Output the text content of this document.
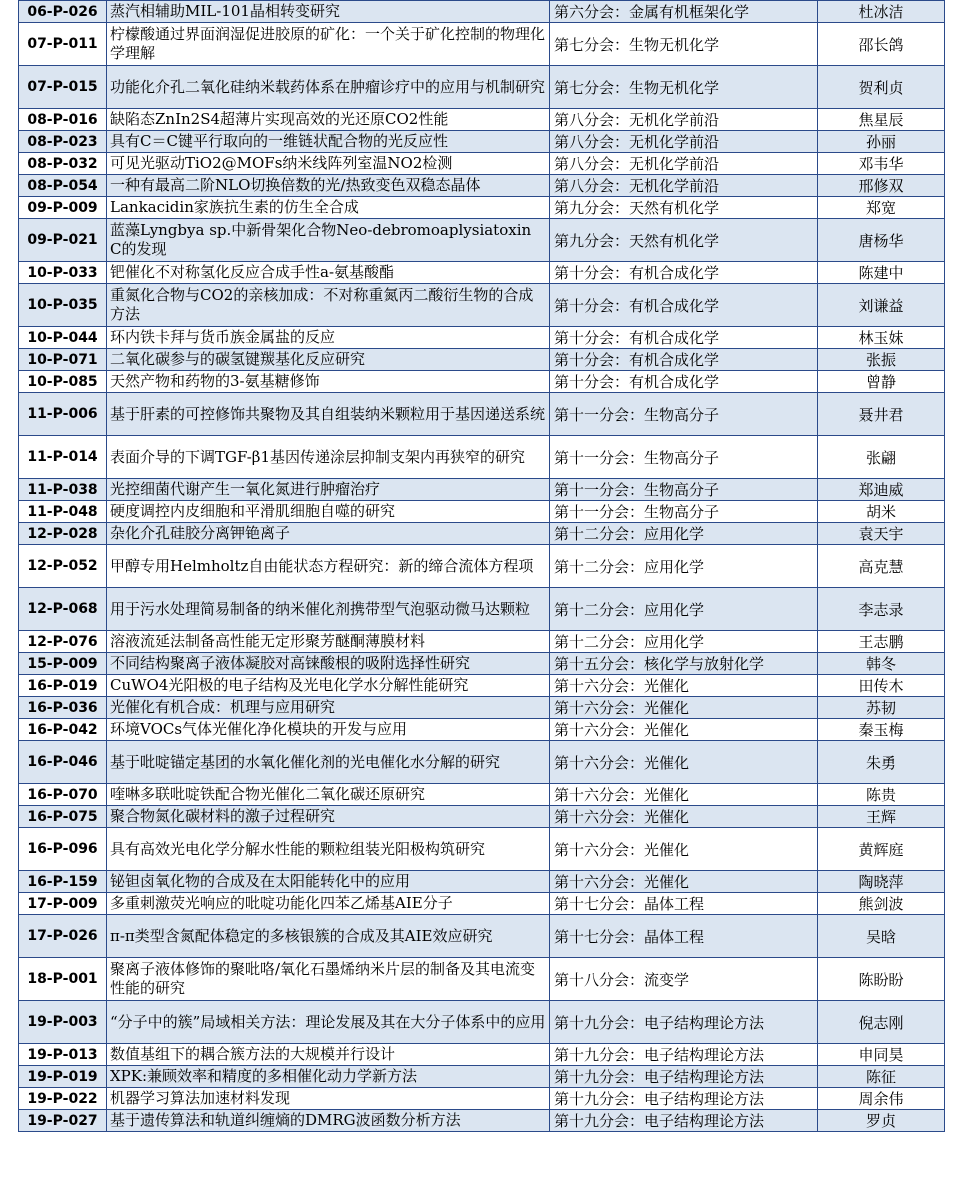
06-P-026	蒸汽相辅助MIL-101晶相转变研究	第六分会：金属有机框架化学	杜冰洁
07-P-011	柠檬酸通过界面润湿促进胶原的矿化：一个关于矿化控制的物理化学理解	第七分会：生物无机化学	邵长鸽
07-P-015	功能化介孔二氧化硅纳米载药体系在肿瘤诊疗中的应用与机制研究	第七分会：生物无机化学	贺利贞
08-P-016	缺陷态ZnIn2S4超薄片实现高效的光还原CO2性能	第八分会：无机化学前沿	焦星辰
08-P-023	具有C＝C键平行取向的一维链状配合物的光反应性	第八分会：无机化学前沿	孙丽
08-P-032	可见光驱动TiO2@MOFs纳米线阵列室温NO2检测	第八分会：无机化学前沿	邓韦华
08-P-054	一种有最高二阶NLO切换倍数的光/热致变色双稳态晶体	第八分会：无机化学前沿	邢修双
09-P-009	Lankacidin家族抗生素的仿生全合成	第九分会：天然有机化学	郑宽
09-P-021	蓝藻Lyngbya sp.中新骨架化合物Neo-debromoaplysiatoxin C的发现	第九分会：天然有机化学	唐杨华
10-P-033	钯催化不对称氢化反应合成手性a-氨基酸酯	第十分会：有机合成化学	陈建中
10-P-035	重氮化合物与CO2的亲核加成：不对称重氮丙二酸衍生物的合成方法	第十分会：有机合成化学	刘谦益
10-P-044	环内铁卡拜与货币族金属盐的反应	第十分会：有机合成化学	林玉妹
10-P-071	二氧化碳参与的碳氢键羰基化反应研究	第十分会：有机合成化学	张振
10-P-085	天然产物和药物的3-氨基糖修饰	第十分会：有机合成化学	曾静
11-P-006	基于肝素的可控修饰共聚物及其自组装纳米颗粒用于基因递送系统	第十一分会：生物高分子	聂井君
11-P-014	表面介导的下调TGF-β1基因传递涂层抑制支架内再狭窄的研究	第十一分会：生物高分子	张翩
11-P-038	光控细菌代谢产生一氧化氮进行肿瘤治疗	第十一分会：生物高分子	郑迪威
11-P-048	硬度调控内皮细胞和平滑肌细胞自噬的研究	第十一分会：生物高分子	胡米
12-P-028	杂化介孔硅胶分离钾铯离子	第十二分会：应用化学	袁天宇
12-P-052	甲醇专用Helmholtz自由能状态方程研究：新的缔合流体方程项	第十二分会：应用化学	高克慧
12-P-068	用于污水处理简易制备的纳米催化剂携带型气泡驱动微马达颗粒	第十二分会：应用化学	李志录
12-P-076	溶液流延法制备高性能无定形聚芳醚酮薄膜材料	第十二分会：应用化学	王志鹏
15-P-009	不同结构聚离子液体凝胶对高铼酸根的吸附选择性研究	第十五分会：核化学与放射化学	韩冬
16-P-019	CuWO4光阳极的电子结构及光电化学水分解性能研究	第十六分会：光催化	田传木
16-P-036	光催化有机合成：机理与应用研究	第十六分会：光催化	苏韧
16-P-042	环境VOCs气体光催化净化模块的开发与应用	第十六分会：光催化	秦玉梅
16-P-046	基于吡啶锚定基团的水氧化催化剂的光电催化水分解的研究	第十六分会：光催化	朱勇
16-P-070	喹啉多联吡啶铁配合物光催化二氧化碳还原研究	第十六分会：光催化	陈贵
16-P-075	聚合物氮化碳材料的激子过程研究	第十六分会：光催化	王辉
16-P-096	具有高效光电化学分解水性能的颗粒组装光阳极构筑研究	第十六分会：光催化	黄辉庭
16-P-159	铋钽卤氧化物的合成及在太阳能转化中的应用	第十六分会：光催化	陶晓萍
17-P-009	多重刺激荧光响应的吡啶功能化四苯乙烯基AIE分子	第十七分会：晶体工程	熊剑波
17-P-026	π-π类型含氮配体稳定的多核银簇的合成及其AIE效应研究	第十七分会：晶体工程	吴晗
18-P-001	聚离子液体修饰的聚吡咯/氧化石墨烯纳米片层的制备及其电流变性能的研究	第十八分会：流变学	陈盼盼
19-P-003	“分子中的簇”局域相关方法：理论发展及其在大分子体系中的应用	第十九分会：电子结构理论方法	倪志刚
19-P-013	数值基组下的耦合簇方法的大规模并行设计	第十九分会：电子结构理论方法	申同昊
19-P-019	XPK:兼顾效率和精度的多相催化动力学新方法	第十九分会：电子结构理论方法	陈征
19-P-022	机器学习算法加速材料发现	第十九分会：电子结构理论方法	周余伟
19-P-027	基于遗传算法和轨道纠缠熵的DMRG波函数分析方法	第十九分会：电子结构理论方法	罗贞
